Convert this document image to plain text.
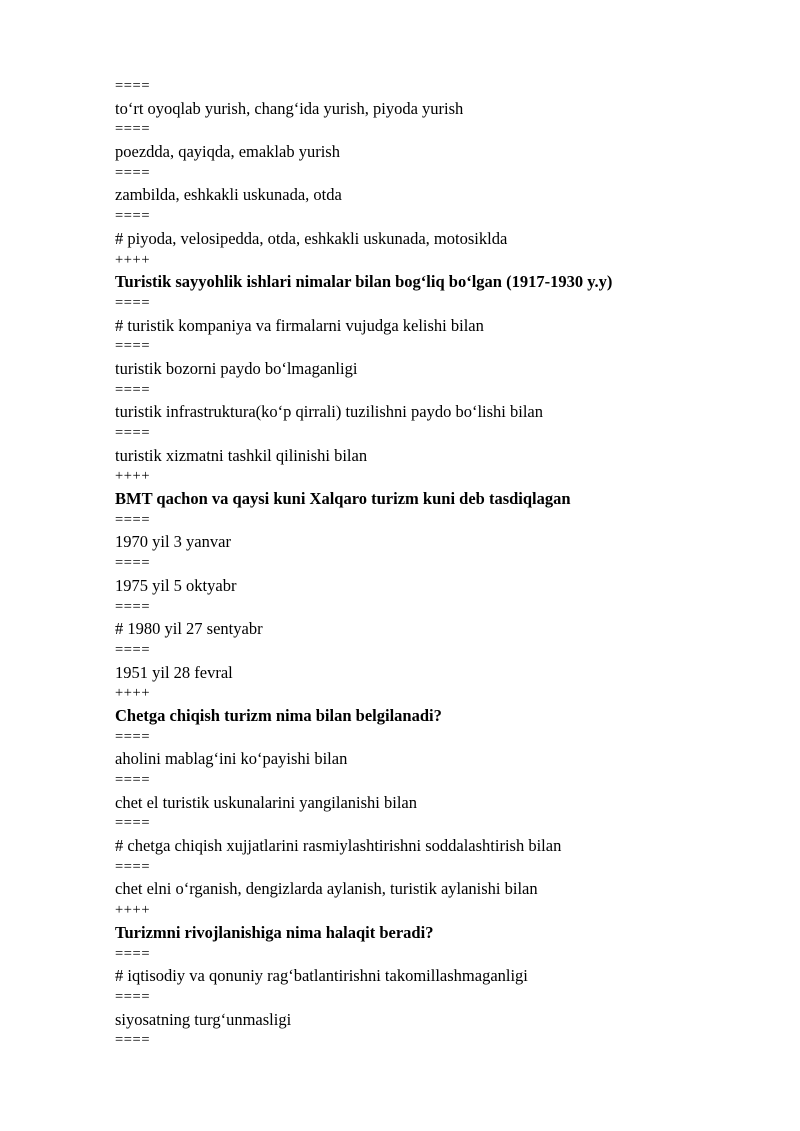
====
to‘rt oyoqlab yurish, chang‘ida yurish, piyoda yurish
====
poezdda, qayiqda, emaklab yurish
====
zambilda, eshkakli uskunada, otda
====
# piyoda, velosipedda, otda, eshkakli uskunada, motosiklda
++++
Turistik sayyohlik ishlari nimalar bilan bog‘liq bo‘lgan (1917-1930 y.y)
====
# turistik kompaniya va firmalarni vujudga kelishi bilan
====
turistik bozorni paydo bo‘lmaganligi
====
turistik infrastruktura(ko‘p qirrali) tuzilishni paydo bo‘lishi bilan
====
turistik xizmatni tashkil qilinishi bilan
++++
BMT qachon va qaysi kuni Xalqaro turizm kuni deb tasdiqlagan
====
1970 yil 3 yanvar
====
1975 yil 5 oktyabr
====
# 1980 yil 27 sentyabr
====
1951 yil 28 fevral
++++
Chetga chiqish turizm nima bilan belgilanadi?
====
aholini mablag‘ini ko‘payishi bilan
====
chet el turistik uskunalarini yangilanishi bilan
====
# chetga chiqish xujjatlarini rasmiylashtirishni soddalashtirish bilan
====
chet elni o‘rganish, dengizlarda aylanish, turistik aylanishi bilan
++++
Turizmni rivojlanishiga nima halaqit beradi?
====
# iqtisodiy va qonuniy rag‘batlantirishni takomillashmaganligi
====
siyosatning turg‘unmasligi
====
